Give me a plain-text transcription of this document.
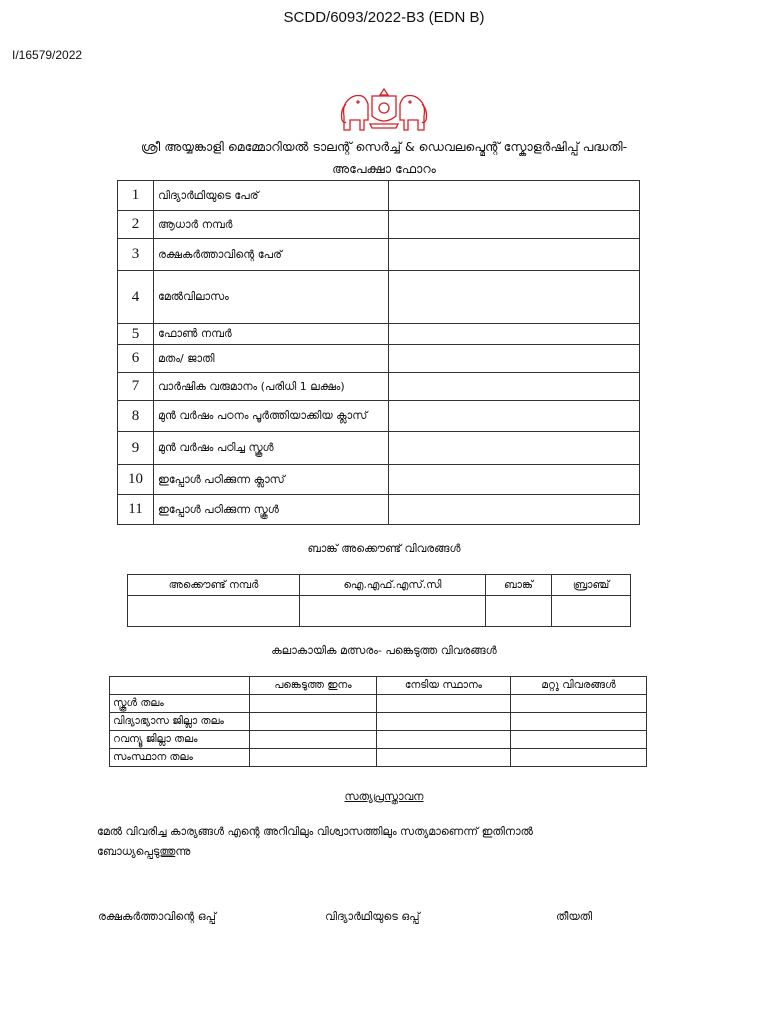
SCDD/6093/2022-B3 (EDN B)
I/16579/2022
ശ്രീ അയ്യങ്കാളി മെമ്മോറിയൽ ടാലന്റ് സെർച്ച് & ഡെവലപ്മെന്റ് സ്കോളർഷിപ്പ് പദ്ധതി-
അപേക്ഷാ ഫോറം
1	വിദ്യാർഥിയുടെ പേര്	
2	ആധാർ നമ്പർ	
3	രക്ഷകർത്താവിന്റെ പേര്	
4	മേൽവിലാസം	
5	ഫോൺ നമ്പർ	
6	മതം/ ജാതി	
7	വാർഷിക വരുമാനം (പരിധി 1 ലക്ഷം)	
8	മുൻ വർഷം പഠനം പൂർത്തിയാക്കിയ ക്ലാസ്	
9	മുൻ വർഷം പഠിച്ച സ്കൂൾ	
10	ഇപ്പോൾ പഠിക്കുന്ന ക്ലാസ്	
11	ഇപ്പോൾ പഠിക്കുന്ന സ്കൂൾ	
ബാങ്ക് അക്കൌണ്ട് വിവരങ്ങൾ
അക്കൌണ്ട് നമ്പർ	ഐ.എഫ്.എസ്.സി	ബാങ്ക്	ബ്രാഞ്ച്

കലാകായിക മത്സരം- പങ്കെടുത്ത വിവരങ്ങൾ
	പങ്കെടുത്ത ഇനം	നേടിയ സ്ഥാനം	മറ്റു വിവരങ്ങൾ
സ്കൂൾ തലം			
വിദ്യാഭ്യാസ ജില്ലാ തലം			
റവന്യൂ ജില്ലാ തലം			
സംസ്ഥാന തലം			
സത്യപ്രസ്താവന
മേൽ വിവരിച്ച കാര്യങ്ങൾ എന്റെ അറിവിലും വിശ്വാസത്തിലും സത്യമാണെന്ന് ഇതിനാൽ
ബോധ്യപ്പെടുത്തുന്നു
രക്ഷകർത്താവിന്റെ ഒപ്പ്	വിദ്യാർഥിയുടെ ഒപ്പ്	തീയതി
